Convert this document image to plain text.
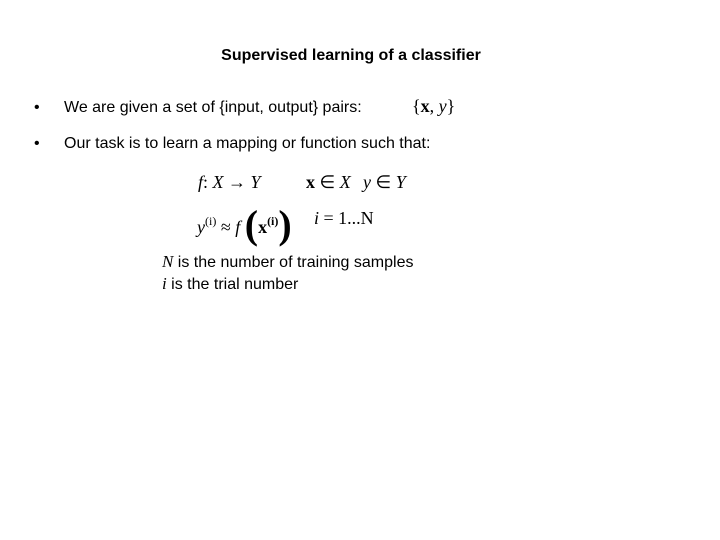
Supervised learning of a classifier
• We are given a set of {input, output} pairs:	{x, y}
• Our task is to learn a mapping or function such that:
f: X → Y	x ∈ X y ∈ Y
$y^{(i)} \approx f$ $(x^{(i)}) i = 1...N$
N is the number of training samples
i is the trial number
